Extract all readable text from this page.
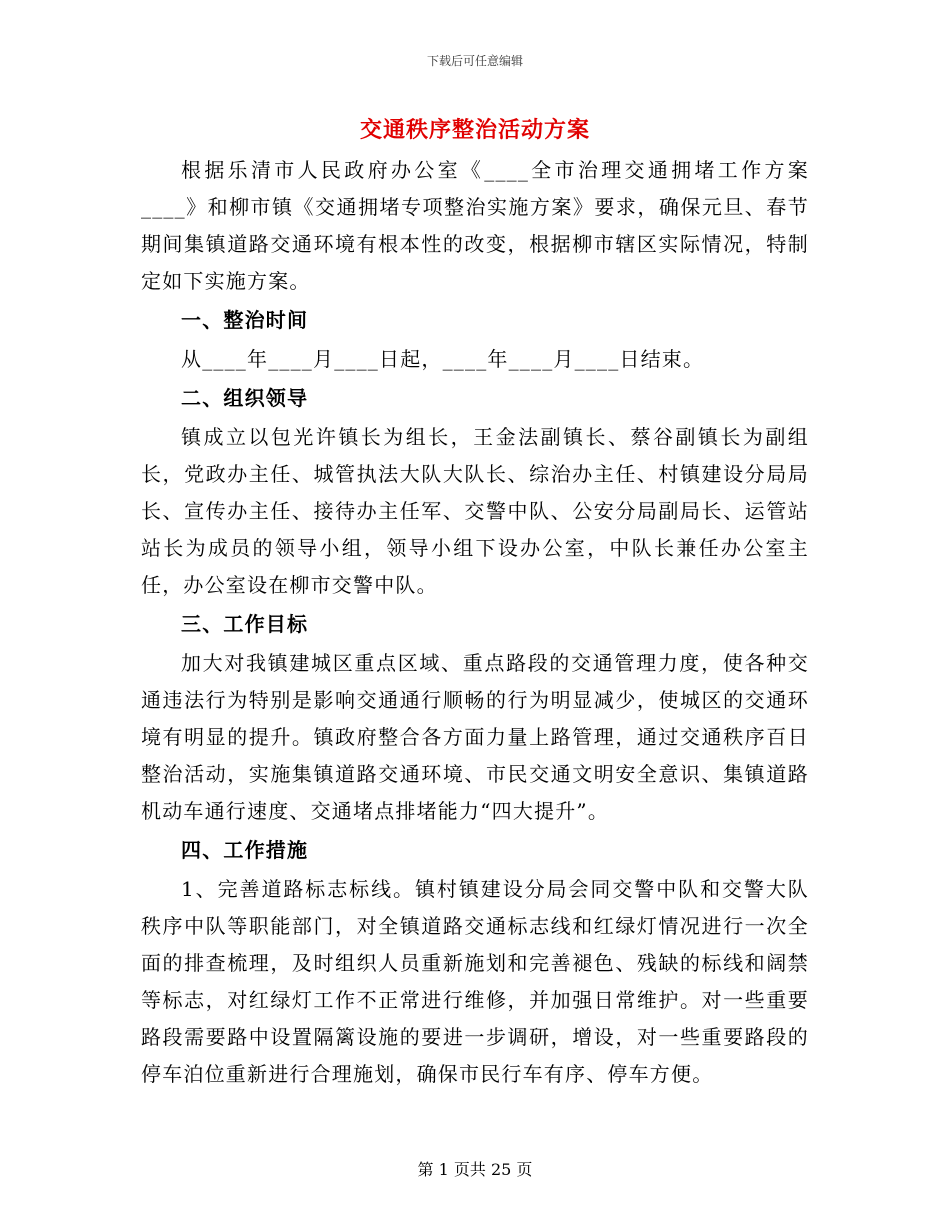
下载后可任意编辑
交通秩序整治活动方案

根据乐清市人民政府办公室《____全市治理交通拥堵工作方案____》和柳市镇《交通拥堵专项整治实施方案》要求，确保元旦、春节期间集镇道路交通环境有根本性的改变，根据柳市辖区实际情况，特制定如下实施方案。

一、整治时间

从____年____月____日起，____年____月____日结束。

二、组织领导

镇成立以包光许镇长为组长，王金法副镇长、蔡谷副镇长为副组长，党政办主任、城管执法大队大队长、综治办主任、村镇建设分局局长、宣传办主任、接待办主任军、交警中队、公安分局副局长、运管站站长为成员的领导小组，领导小组下设办公室，中队长兼任办公室主任，办公室设在柳市交警中队。

三、工作目标

加大对我镇建城区重点区域、重点路段的交通管理力度，使各种交通违法行为特别是影响交通通行顺畅的行为明显减少，使城区的交通环境有明显的提升。镇政府整合各方面力量上路管理，通过交通秩序百日整治活动，实施集镇道路交通环境、市民交通文明安全意识、集镇道路机动车通行速度、交通堵点排堵能力“四大提升”。

四、工作措施

1、完善道路标志标线。镇村镇建设分局会同交警中队和交警大队秩序中队等职能部门，对全镇道路交通标志线和红绿灯情况进行一次全面的排查梳理，及时组织人员重新施划和完善褪色、残缺的标线和阔禁等标志，对红绿灯工作不正常进行维修，并加强日常维护。对一些重要路段需要路中设置隔篱设施的要进一步调研，增设，对一些重要路段的停车泊位重新进行合理施划，确保市民行车有序、停车方便。

第 1 页共 25 页
